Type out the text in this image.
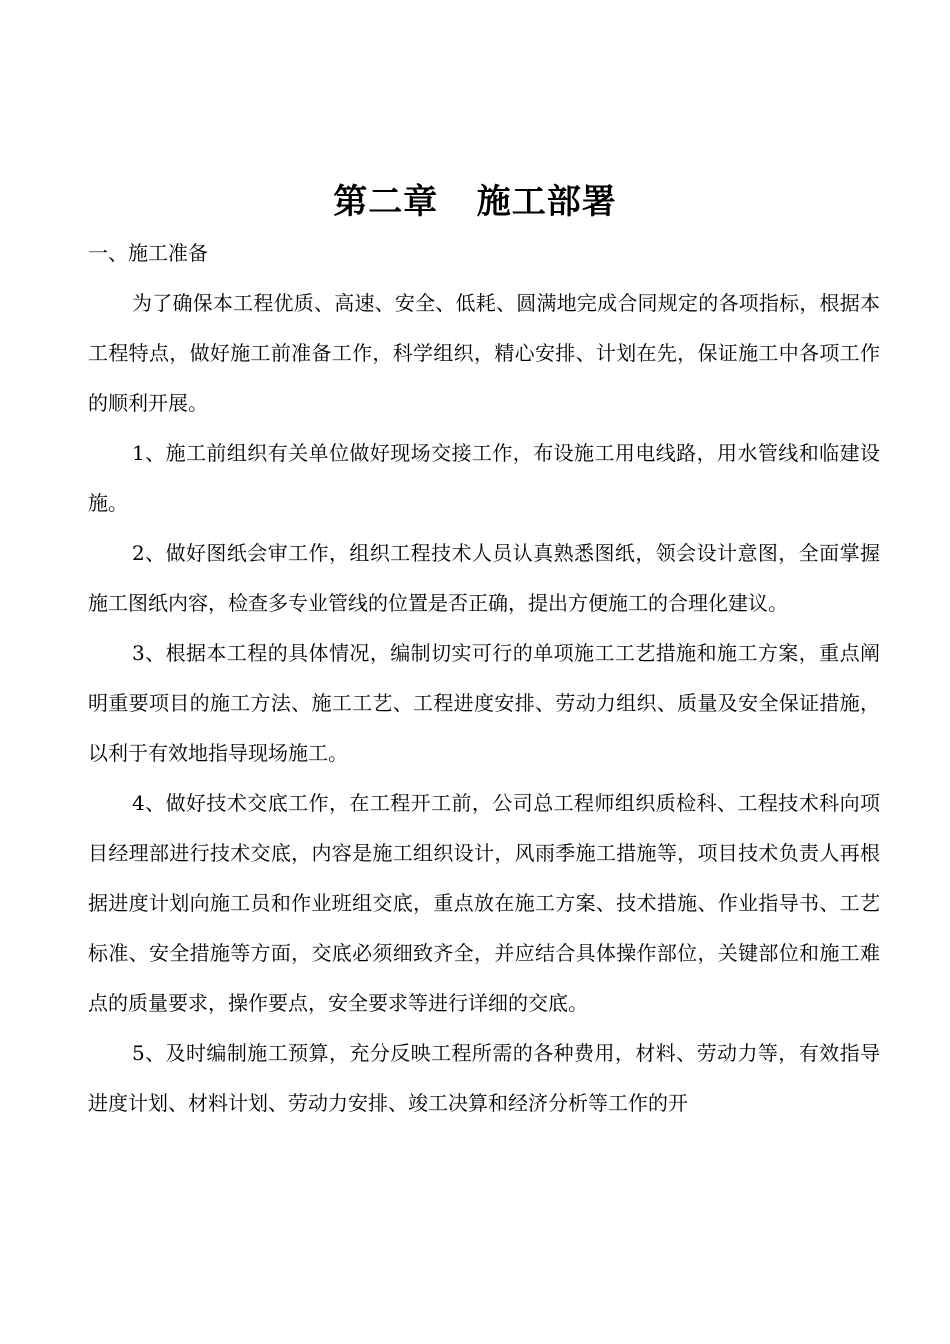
第二章   施工部署

一、施工准备

为了确保本工程优质、高速、安全、低耗、圆满地完成合同规定的各项指标，根据本工程特点，做好施工前准备工作，科学组织，精心安排、计划在先，保证施工中各项工作的顺利开展。

1、施工前组织有关单位做好现场交接工作，布设施工用电线路，用水管线和临建设施。

2、做好图纸会审工作，组织工程技术人员认真熟悉图纸，领会设计意图，全面掌握施工图纸内容，检查多专业管线的位置是否正确，提出方便施工的合理化建议。

3、根据本工程的具体情况，编制切实可行的单项施工工艺措施和施工方案，重点阐明重要项目的施工方法、施工工艺、工程进度安排、劳动力组织、质量及安全保证措施，以利于有效地指导现场施工。

4、做好技术交底工作，在工程开工前，公司总工程师组织质检科、工程技术科向项目经理部进行技术交底，内容是施工组织设计，风雨季施工措施等，项目技术负责人再根据进度计划向施工员和作业班组交底，重点放在施工方案、技术措施、作业指导书、工艺标准、安全措施等方面，交底必须细致齐全，并应结合具体操作部位，关键部位和施工难点的质量要求，操作要点，安全要求等进行详细的交底。

5、及时编制施工预算，充分反映工程所需的各种费用，材料、劳动力等，有效指导进度计划、材料计划、劳动力安排、竣工决算和经济分析等工作的开
